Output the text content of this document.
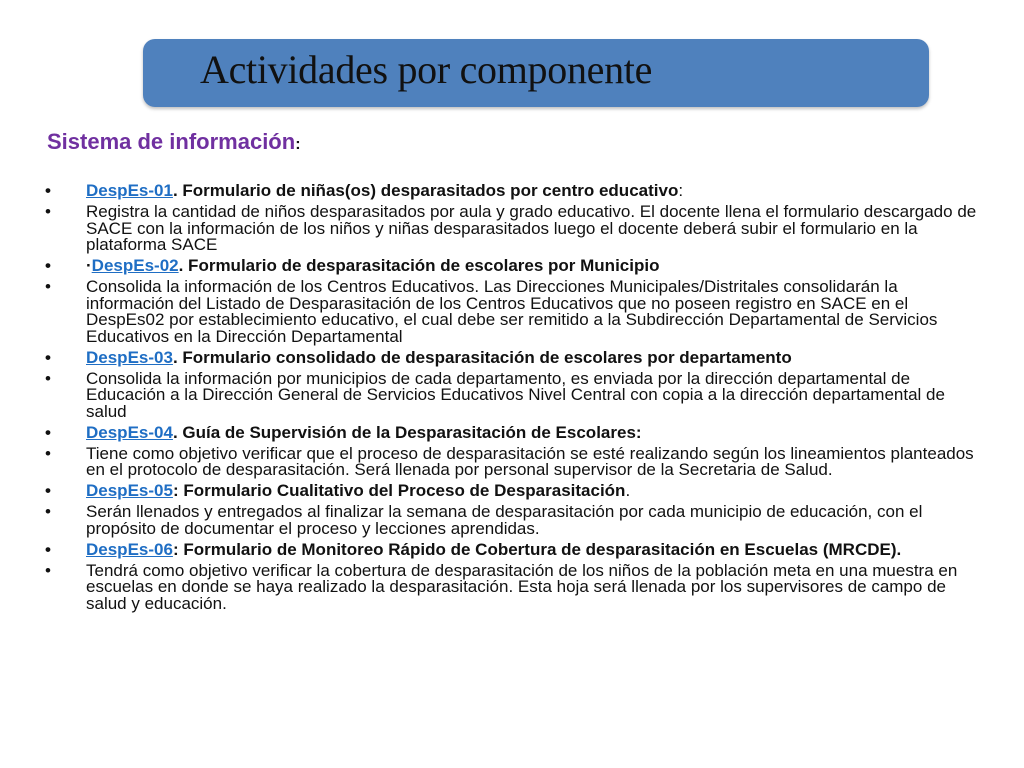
Actividades por componente
Sistema de información:
•	DespEs-01. Formulario de niñas(os) desparasitados por centro educativo:
•	Registra la cantidad de niños desparasitados por aula y grado educativo. El docente llena el formulario descargado de SACE con la información de los niños y niñas desparasitados luego el docente deberá subir el formulario en la plataforma SACE
•	·DespEs-02. Formulario de desparasitación de escolares por Municipio
•	Consolida la información de los Centros Educativos. Las Direcciones Municipales/Distritales consolidarán la información del Listado de Desparasitación de los Centros Educativos que no poseen registro en SACE en el DespEs02 por establecimiento educativo, el cual debe ser remitido a la Subdirección Departamental de Servicios Educativos en la Dirección Departamental
•	DespEs-03. Formulario consolidado de desparasitación de escolares por departamento
•	Consolida la información por municipios de cada departamento, es enviada por la dirección departamental de Educación a la Dirección General de Servicios Educativos Nivel Central con copia a la dirección departamental de salud
•	DespEs-04. Guía de Supervisión de la Desparasitación de Escolares:
•	Tiene como objetivo verificar que el proceso de desparasitación se esté realizando según los lineamientos planteados en el protocolo de desparasitación. Será llenada por personal supervisor de la Secretaria de Salud.
•	DespEs-05: Formulario Cualitativo del Proceso de Desparasitación.
•	Serán llenados y entregados al finalizar la semana de desparasitación por cada municipio de educación, con el propósito de documentar el proceso y lecciones aprendidas.
•	DespEs-06: Formulario de Monitoreo Rápido de Cobertura de desparasitación en Escuelas (MRCDE).
•	Tendrá como objetivo verificar la cobertura de desparasitación de los niños de la población meta en una muestra en escuelas en donde se haya realizado la desparasitación. Esta hoja será llenada por los supervisores de campo de salud y educación.
